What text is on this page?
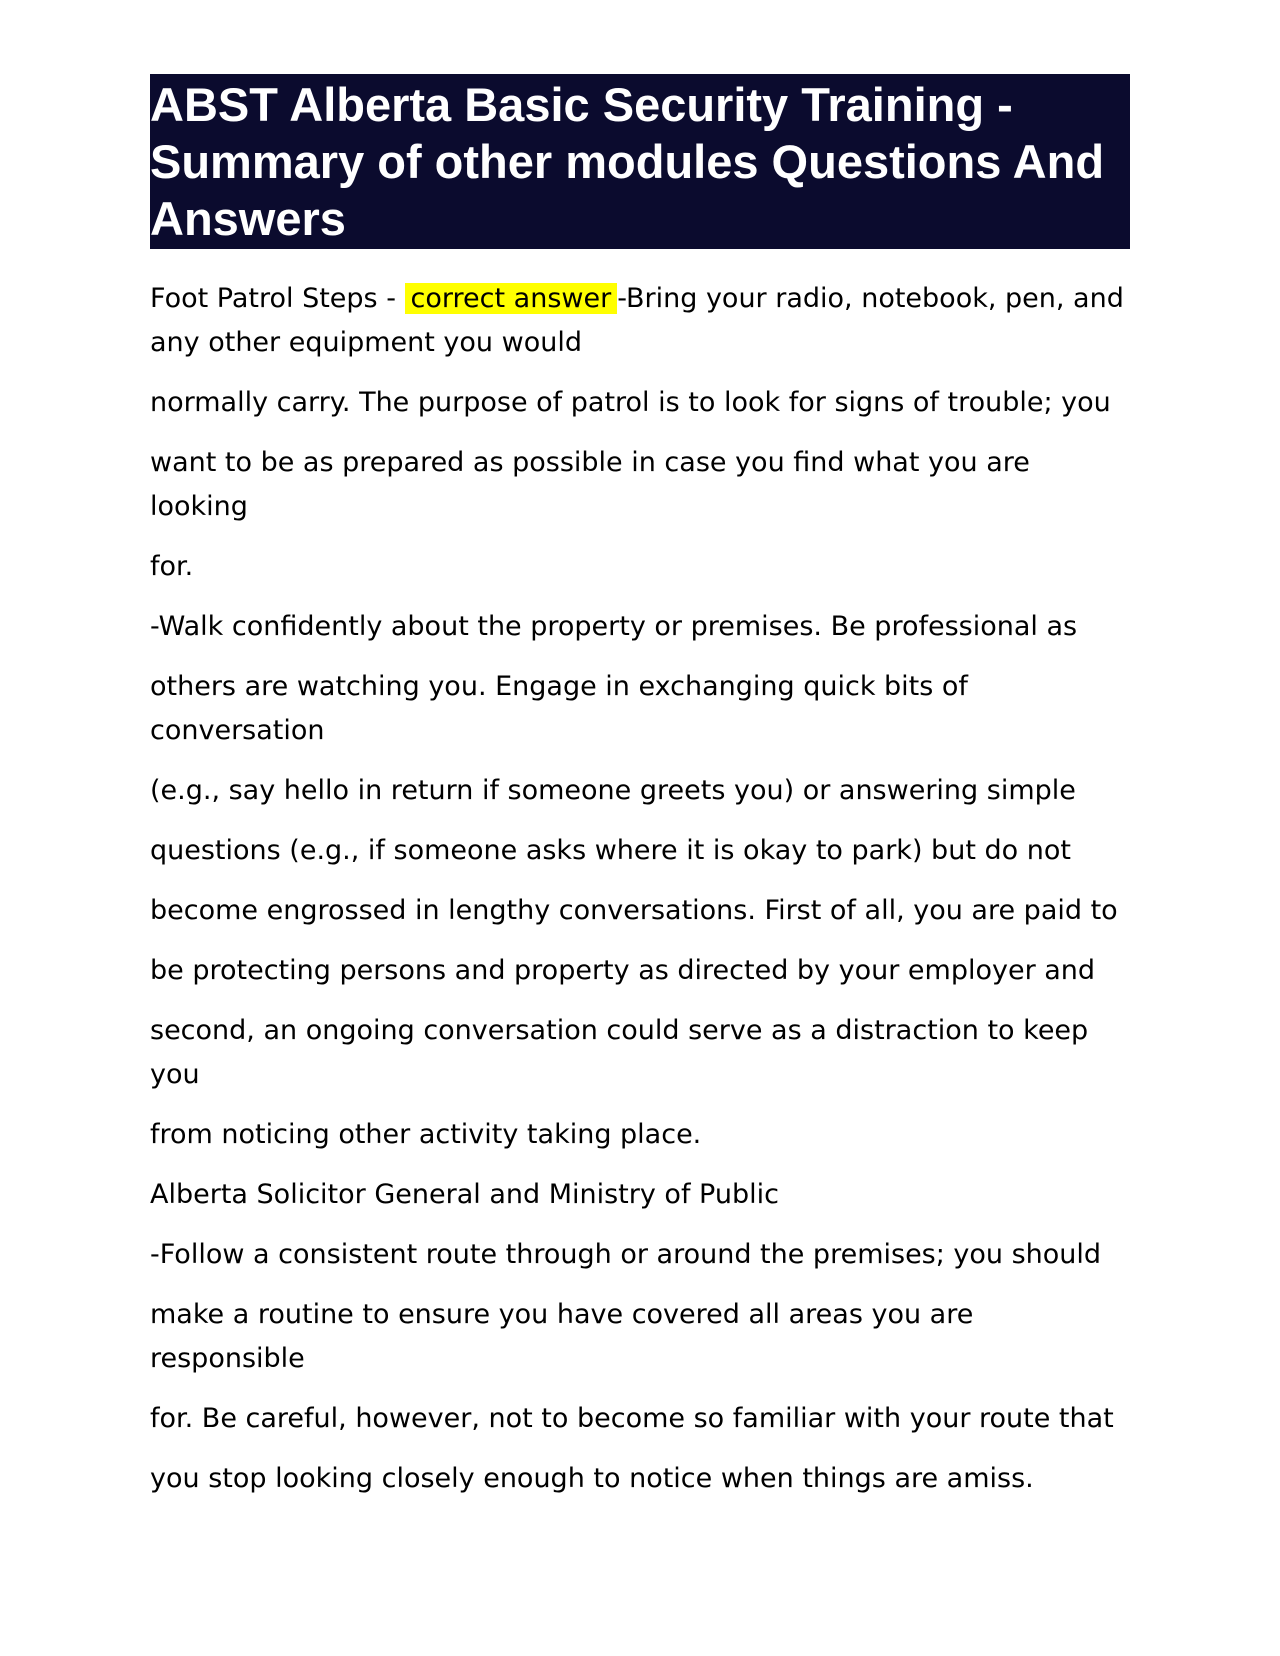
ABST Alberta Basic Security Training - Summary of other modules Questions And Answers

Foot Patrol Steps - correct answer -Bring your radio, notebook, pen, and any other equipment you would

normally carry. The purpose of patrol is to look for signs of trouble; you

want to be as prepared as possible in case you find what you are looking

for.

-Walk confidently about the property or premises. Be professional as

others are watching you. Engage in exchanging quick bits of conversation

(e.g., say hello in return if someone greets you) or answering simple

questions (e.g., if someone asks where it is okay to park) but do not

become engrossed in lengthy conversations. First of all, you are paid to

be protecting persons and property as directed by your employer and

second, an ongoing conversation could serve as a distraction to keep you

from noticing other activity taking place.

Alberta Solicitor General and Ministry of Public

-Follow a consistent route through or around the premises; you should

make a routine to ensure you have covered all areas you are responsible

for. Be careful, however, not to become so familiar with your route that

you stop looking closely enough to notice when things are amiss.
